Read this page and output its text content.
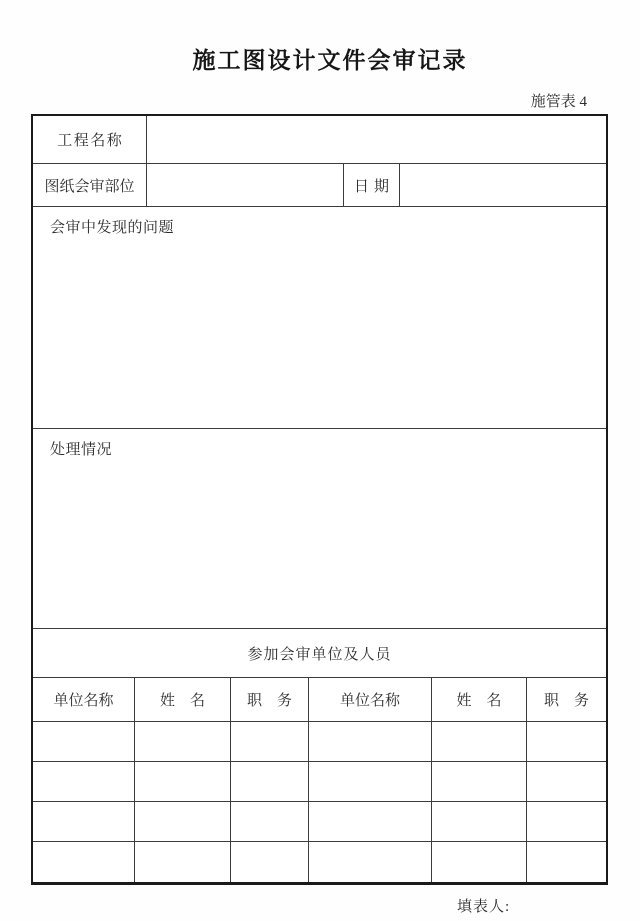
施工图设计文件会审记录
施管表 4
工程名称
图纸会审部位	日期
会审中发现的问题
处理情况
参加会审单位及人员
单位名称	姓　名	职　务	单位名称	姓　名	职　务
填表人:
